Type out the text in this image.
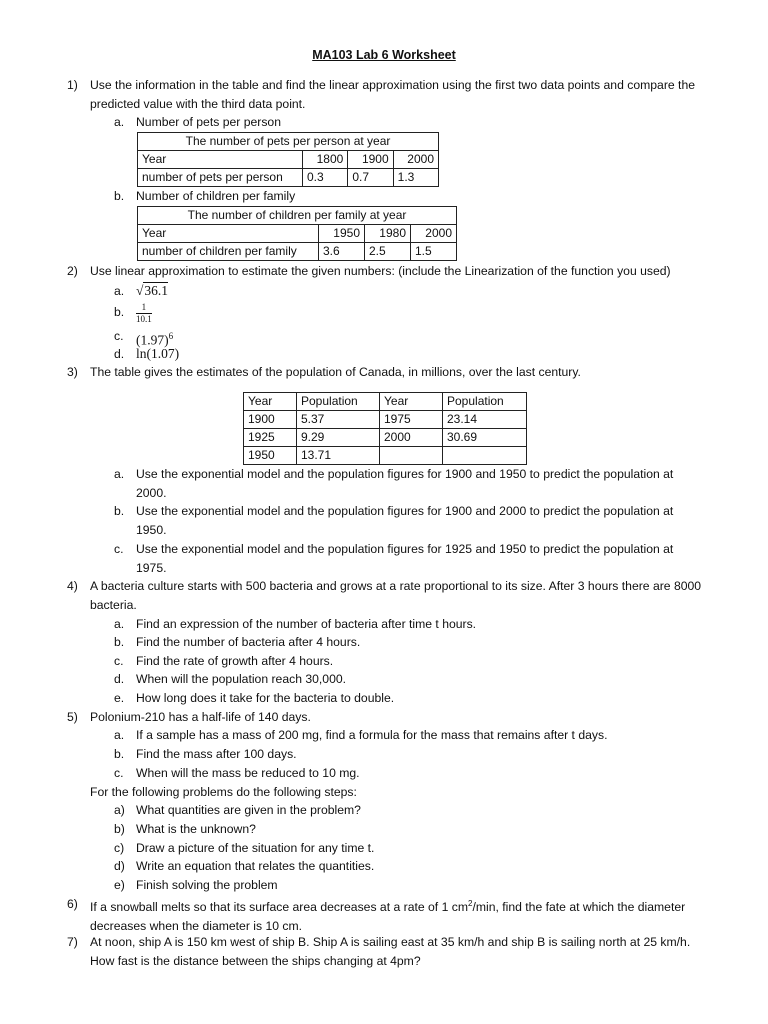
MA103 Lab 6 Worksheet
1) Use the information in the table and find the linear approximation using the first two data points and compare the predicted value with the third data point.
a. Number of pets per person
The number of pets per person at year			
Year	1800	1900	2000
number of pets per person	0.3	0.7	1.3
b. Number of children per family
The number of children per family at year			
Year	1950	1980	2000
number of children per family	3.6	2.5	1.5
2) Use linear approximation to estimate the given numbers: (include the Linearization of the function you used)
a. √36.1
b.	$\frac{1}{10.1}$
c. $(1.97)^6$
d. ln(1.07)
3) The table gives the estimates of the population of Canada, in millions, over the last century.
Year	Population	Year	Population
1900	5.37	1975	23.14
1925	9.29	2000	30.69
1950	13.71		
a. Use the exponential model and the population figures for 1900 and 1950 to predict the population at
2000.
b. Use the exponential model and the population figures for 1900 and 2000 to predict the population at
1950.
c.	Use the exponential model and the population figures for 1925 and 1950 to predict the population at
1975.
4) A bacteria culture starts with 500 bacteria and grows at a rate proportional to its size. After 3 hours there are 8000 bacteria.
a. Find an expression of the number of bacteria after time t hours.
b. Find the number of bacteria after 4 hours.
c.	Find the rate of growth after 4 hours.
d. When will the population reach 30,000.
e. How long does it take for the bacteria to double.
5) Polonium-210 has a half-life of 140 days.
a. If a sample has a mass of 200 mg, find a formula for the mass that remains after t days.
b. Find the mass after 100 days.
c.	When will the mass be reduced to 10 mg.
For the following problems do the following steps:
a) What quantities are given in the problem?
b) What is the unknown?
c) Draw a picture of the situation for any time t.
d) Write an equation that relates the quantities.
e) Finish solving the problem
6) If a snowball melts so that its surface area decreases at a rate of 1 $cm^2/\min$, find the fate at which the diameter
decreases when the diameter is 10 cm.
7) At noon, ship A is 150 km west of ship B. Ship A is sailing east at 35 km/h and ship B is sailing north at 25 km/h.
How fast is the distance between the ships changing at 4pm?
